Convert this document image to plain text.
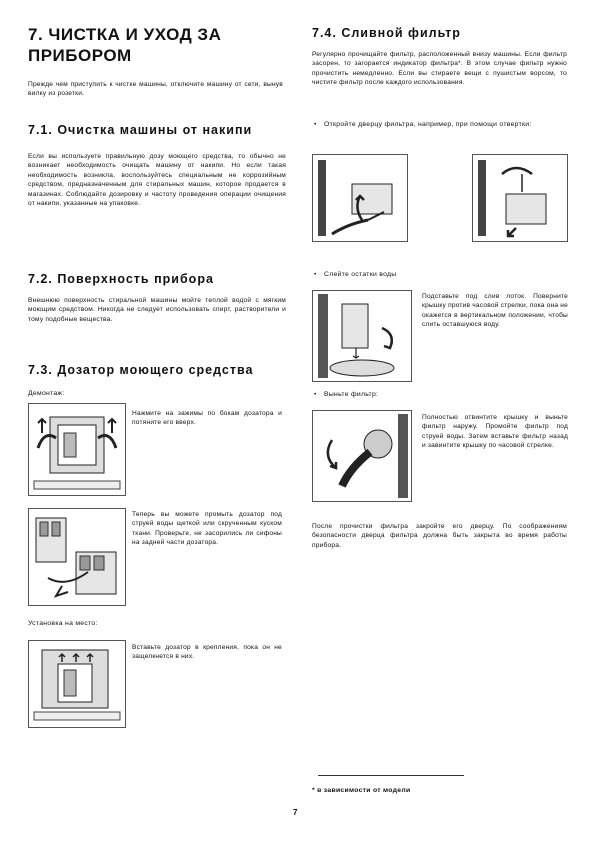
7. ЧИСТКА И УХОД ЗА ПРИБОРОМ

Прежде чем приступить к чистке машины, отключите машину от сети, вынув вилку из розетки.

7.1. Очистка машины от накипи

Если вы используете правильную дозу моющего средства, то обычно не возникает необходимость очищать машину от накипи. Но если такая необходимость возникла, воспользуйтесь специальным не коррозийным средством, предназначенным для стиральных машин, которое продается в магазинах. Соблюдайте дозировку и частоту проведения операции очищения от накипи, указанные на упаковке.

7.2. Поверхность прибора

Внешнюю поверхность стиральной машины мойте теплой водой с мягким моющим средством. Никогда не следует использовать спирт, растворители и тому подобные вещества.

7.3. Дозатор моющего средства
Демонтаж:

Нажмите на зажимы по бокам дозатора и потяните его вверх.

Теперь вы можете промыть дозатор под струей воды щеткой или скрученным куском ткани. Проверьте, не засорились ли сифоны на задней части дозатора.

Установка на место:

Вставьте дозатор в крепления, пока он не защелкнется в них.

7.4. Сливной фильтр

Регулярно прочищайте фильтр, расположенный внизу машины. Если фильтр засорен, то загорается индикатор фильтра*. В этом случае фильтр нужно прочистить немедленно. Если вы стираете вещи с пушистым ворсом, то чистите фильтр после каждого использования.

• Откройте дверцу фильтра, например, при помощи отвертки:
• Слейте остатки воды

Подставьте под слив лоток. Поверните крышку против часовой стрелки, пока она не окажется в вертикальном положении, чтобы слить оставшуюся воду.

• Выньте фильтр:

Полностью отвинтите крышку и выньте фильтр наружу. Промойте фильтр под струей воды. Затем вставьте фильтр назад и завинтите крышку по часовой стрелке.

После прочистки фильтра закройте его дверцу. По соображениям безопасности дверца фильтра должна быть закрыта во время работы прибора.

* в зависимости от модели
7
